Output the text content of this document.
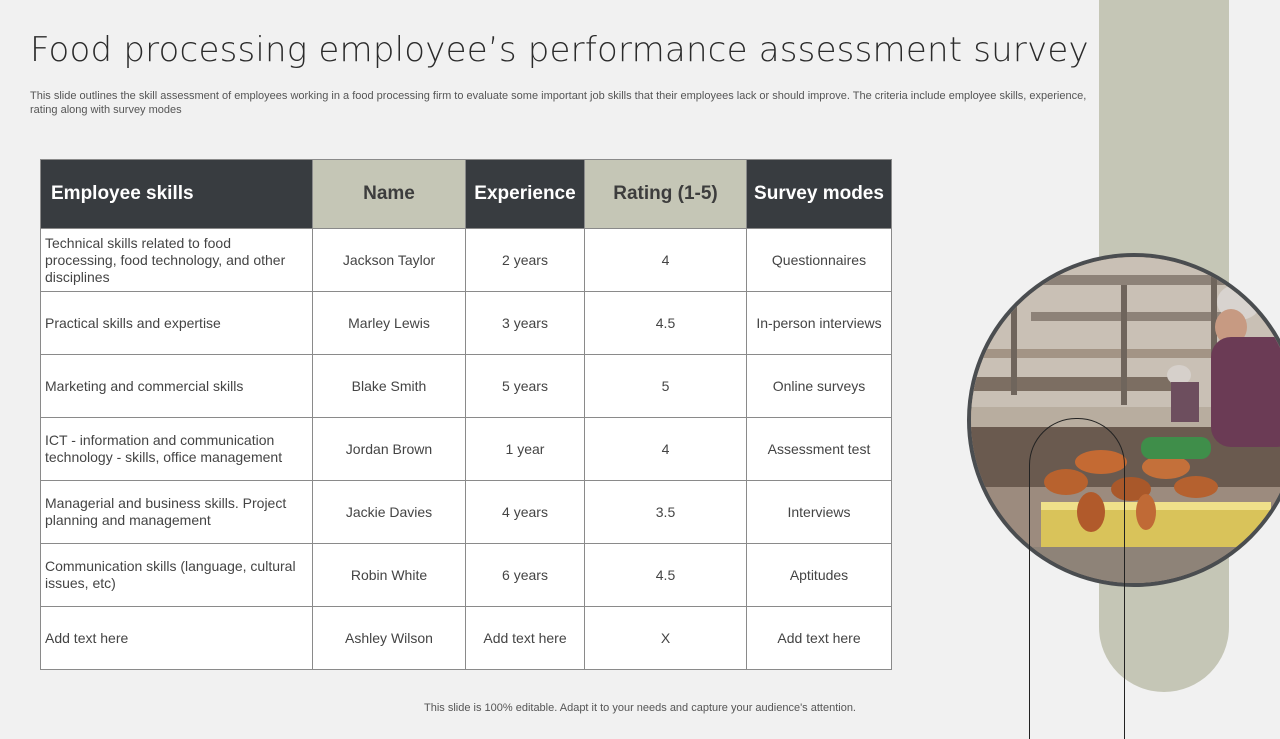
Food processing employee’s performance assessment survey
This slide outlines the skill assessment of employees working in a food processing firm to evaluate some important job skills that their employees lack or should improve. The criteria include employee skills, experience, rating along with survey modes
Employee skills	Name	Experience	Rating (1-5)	Survey modes
Technical skills related to food processing, food technology, and other disciplines	Jackson Taylor	2 years	4	Questionnaires
Practical skills and expertise	Marley Lewis	3 years	4.5	In-person interviews
Marketing and commercial skills	Blake Smith	5 years	5	Online surveys
ICT - information and communication technology - skills, office management	Jordan Brown	1 year	4	Assessment test
Managerial and business skills. Project planning and management	Jackie Davies	4 years	3.5	Interviews
Communication skills (language, cultural issues, etc)	Robin White	6 years	4.5	Aptitudes
Add text here	Ashley Wilson	Add text here	X	Add text here
This slide is 100% editable. Adapt it to your needs and capture your audience's attention.
